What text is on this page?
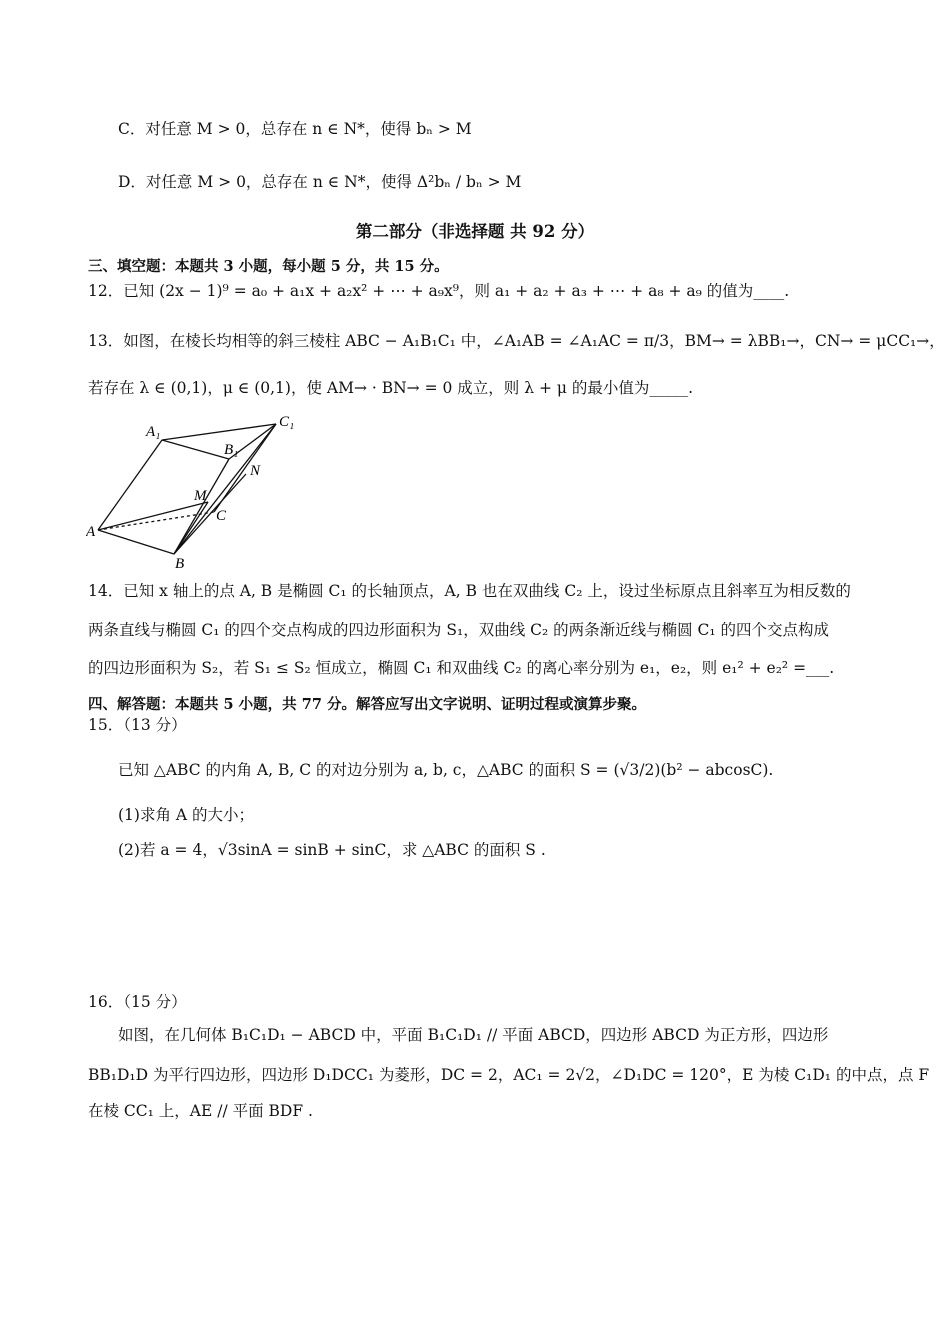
C．对任意 M > 0，总存在 n ∈ N*，使得 bₙ > M
D．对任意 M > 0，总存在 n ∈ N*，使得 Δ²bₙ / bₙ > M
第二部分（非选择题 共 92 分）
三、填空题：本题共 3 小题，每小题 5 分，共 15 分。
12．已知 (2x − 1)⁹ = a₀ + a₁x + a₂x² + ⋯ + a₉x⁹，则 a₁ + a₂ + a₃ + ⋯ + a₈ + a₉ 的值为____.
13．如图，在棱长均相等的斜三棱柱 ABC − A₁B₁C₁ 中，∠A₁AB = ∠A₁AC = π/3，BM→ = λBB₁→，CN→ = μCC₁→，
若存在 λ ∈ (0,1)，μ ∈ (0,1)，使 AM→ · BN→ = 0 成立，则 λ + μ 的最小值为_____.
A₁
B₁
C₁
N
M
C
A
B
14．已知 x 轴上的点 A, B 是椭圆 C₁ 的长轴顶点，A, B 也在双曲线 C₂ 上，设过坐标原点且斜率互为相反数的
两条直线与椭圆 C₁ 的四个交点构成的四边形面积为 S₁，双曲线 C₂ 的两条渐近线与椭圆 C₁ 的四个交点构成
的四边形面积为 S₂，若 S₁ ≤ S₂ 恒成立，椭圆 C₁ 和双曲线 C₂ 的离心率分别为 e₁，e₂，则 e₁² + e₂² =___.
四、解答题：本题共 5 小题，共 77 分。解答应写出文字说明、证明过程或演算步聚。
15．（13 分）
已知 △ABC 的内角 A, B, C 的对边分别为 a, b, c，△ABC 的面积 S = (√3/2)(b² − abcosC).
(1)求角 A 的大小；
(2)若 a = 4，√3sinA = sinB + sinC，求 △ABC 的面积 S .
16．（15 分）
如图，在几何体 B₁C₁D₁ − ABCD 中，平面 B₁C₁D₁ // 平面 ABCD，四边形 ABCD 为正方形，四边形
BB₁D₁D 为平行四边形，四边形 D₁DCC₁ 为菱形，DC = 2，AC₁ = 2√2，∠D₁DC = 120°，E 为棱 C₁D₁ 的中点，点 F
在棱 CC₁ 上，AE // 平面 BDF .
